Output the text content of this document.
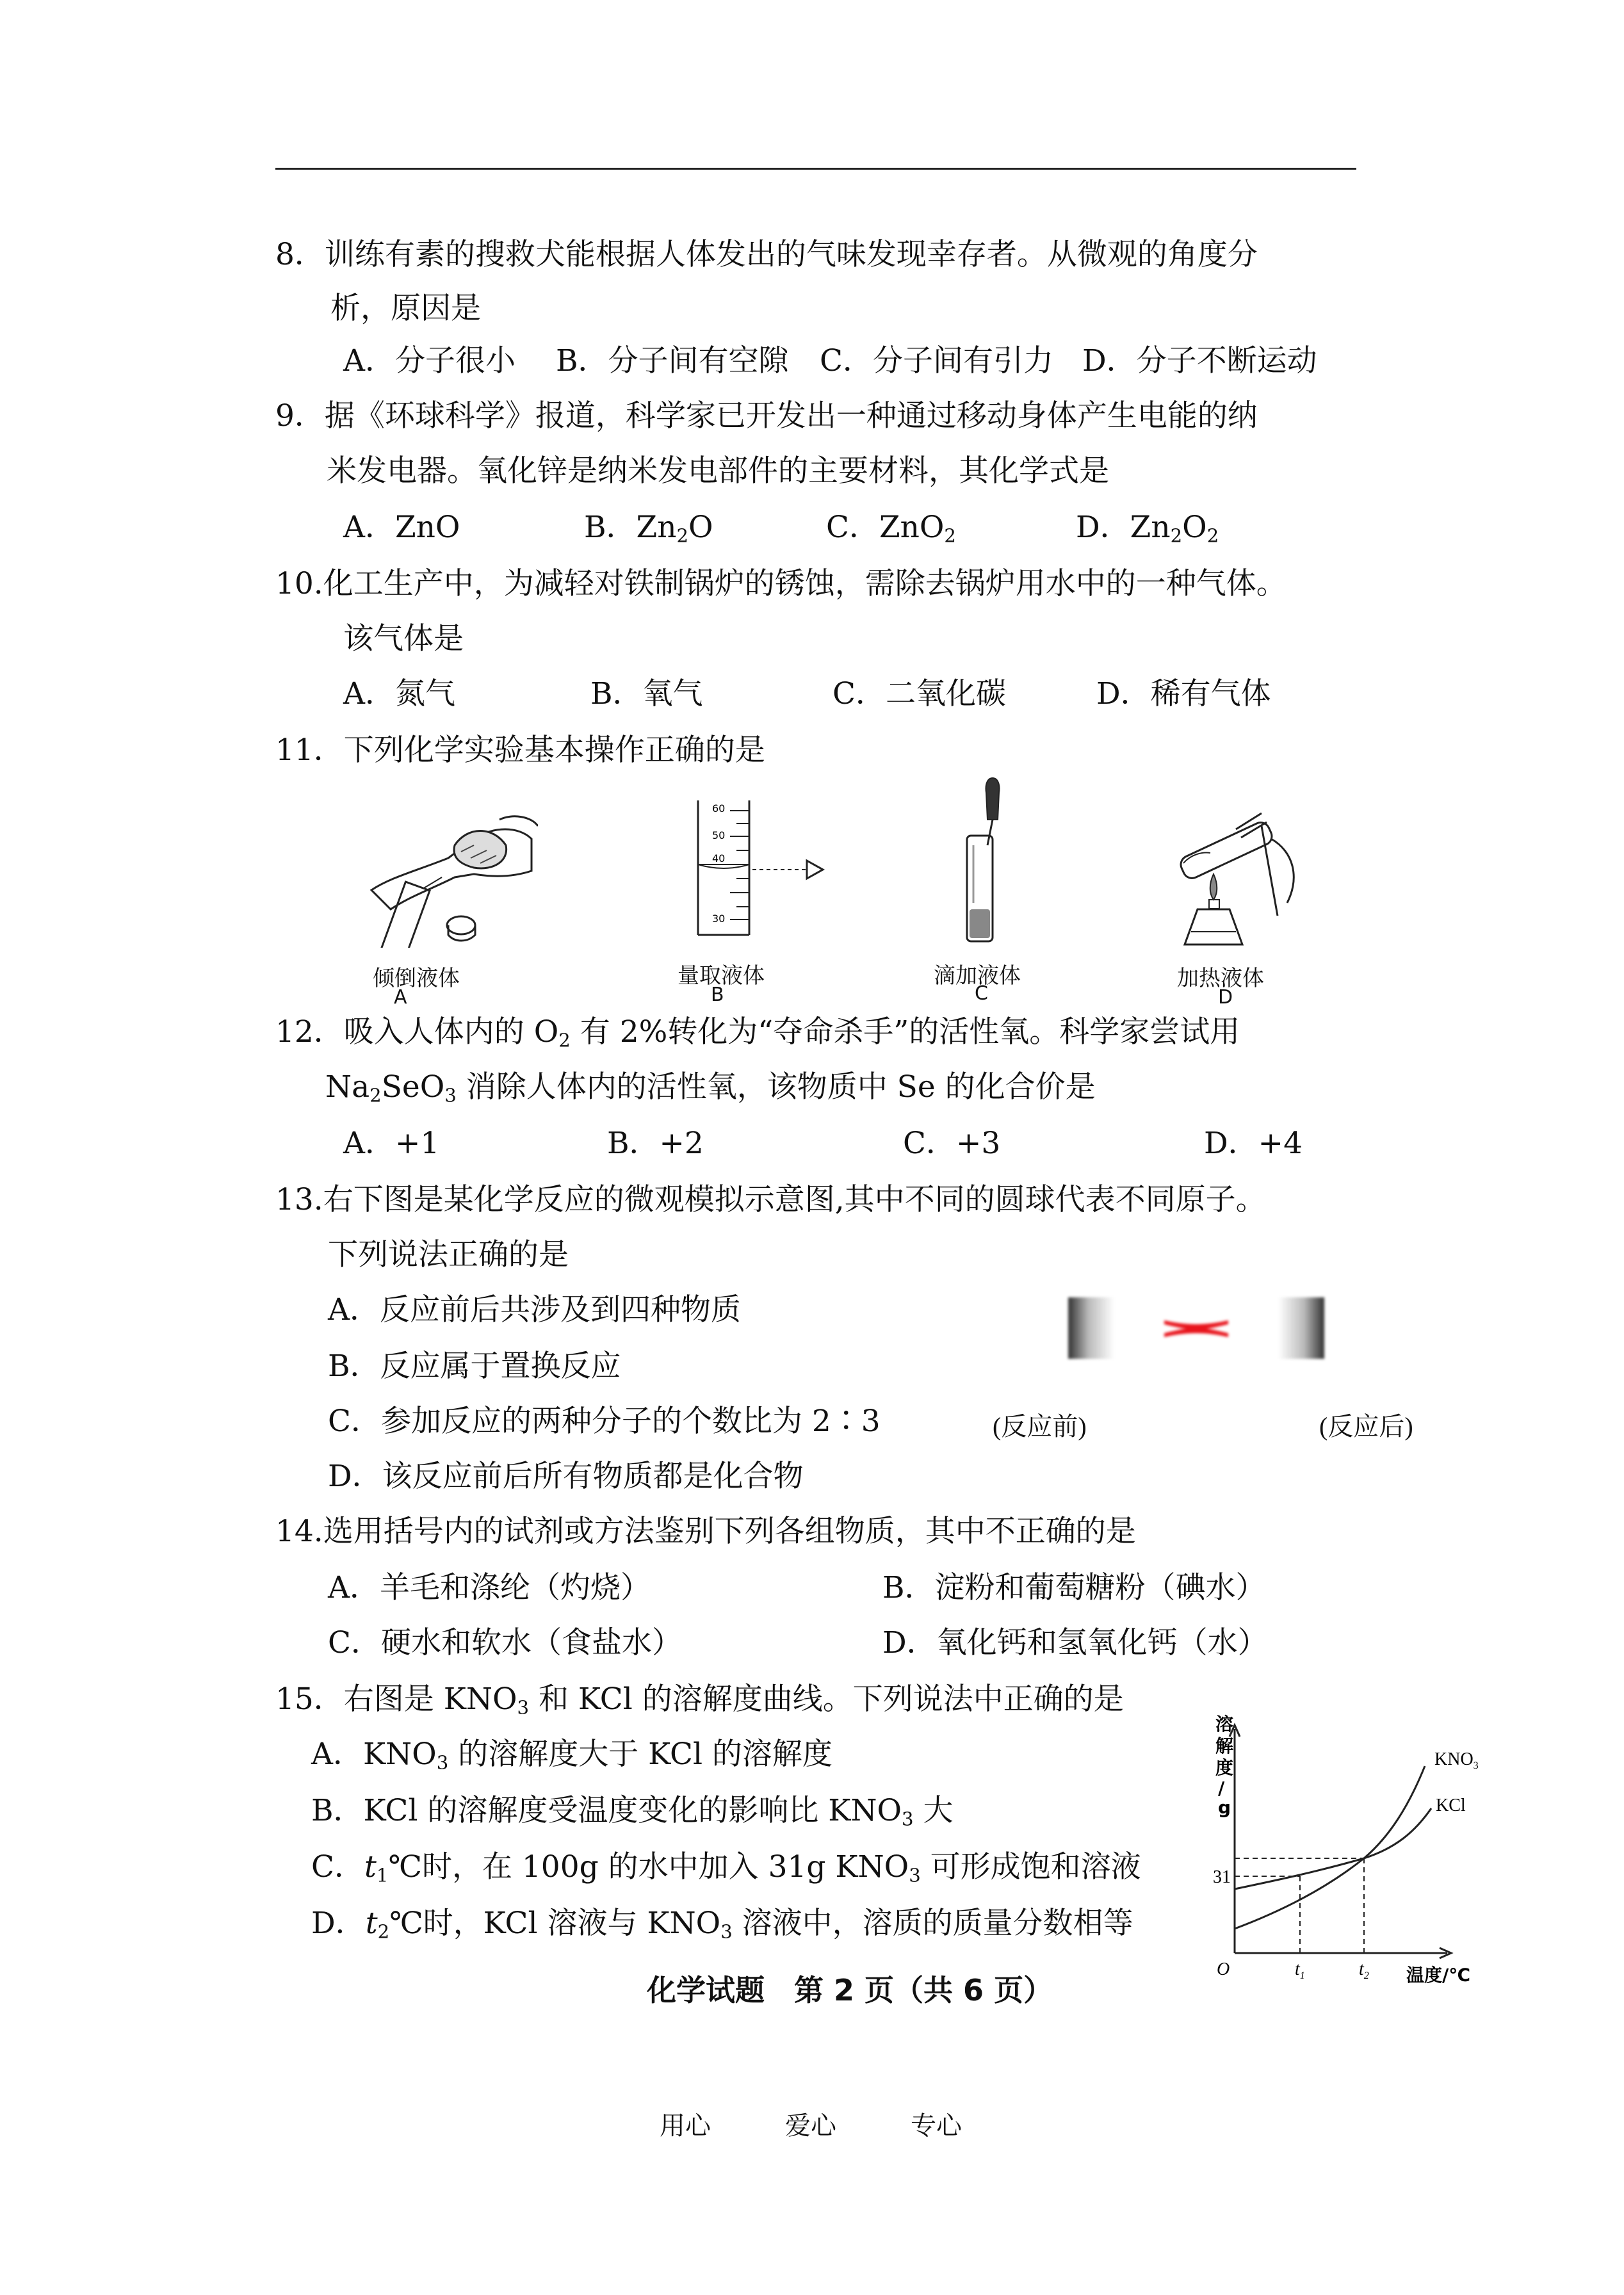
8．训练有素的搜救犬能根据人体发出的气味发现幸存者。从微观的角度分
析，原因是
A．分子很小 B．分子间有空隙 C．分子间有引力 D．分子不断运动
9．据《环球科学》报道，科学家已开发出一种通过移动身体产生电能的纳
米发电器。氧化锌是纳米发电部件的主要材料，其化学式是
A．ZnO	B．$Zn_2O$	C．ZnO$_2$	D．$Zn_2O_2$
10.化工生产中，为减轻对铁制锅炉的锈蚀，需除去锅炉用水中的一种气体。
该气体是
A．氮气	B．氧气	C．二氧化碳	D．稀有气体
11．下列化学实验基本操作正确的是
倾倒液体
A
60
50
40
30
量取液体
B
滴加液体
C
加热液体
D
12．吸入人体内的 $O_2$ 有 2%转化为“夺命杀手”的活性氧。科学家尝试用
$Na_2SeO_3$ 消除人体内的活性氧，该物质中 Se 的化合价是
A．+1	B．+2	C．+3	D．+4
13.右下图是某化学反应的微观模拟示意图,其中不同的圆球代表不同原子。
下列说法正确的是
A．反应前后共涉及到四种物质
B．反应属于置换反应
C．参加反应的两种分子的个数比为 2∶3
D．该反应前后所有物质都是化合物
(反应前)	(反应后)
14.选用括号内的试剂或方法鉴别下列各组物质，其中不正确的是
A．羊毛和涤纶（灼烧）	B．淀粉和葡萄糖粉（碘水）
C．硬水和软水（食盐水）	D．氧化钙和氢氧化钙（水）
15．右图是 $KNO_3$ 和 KCl 的溶解度曲线。下列说法中正确的是
A．$KNO_3$ 的溶解度大于 KCl 的溶解度
B．KCl 的溶解度受温度变化的影响比 $KNO_3$ 大
C．$t_1℃$时，在 100g 的水中加入 31g $KNO_3$ 可形成饱和溶液
D．$t_2℃$时，KCl 溶液与 $KNO_3$ 溶液中，溶质的质量分数相等
溶
解
度
/
g
$KNO_3$
KCl
31
O	$t_1$	$t_2$ 温度/℃
化学试题　第 2 页（共 6 页）
用心	爱心	专心
